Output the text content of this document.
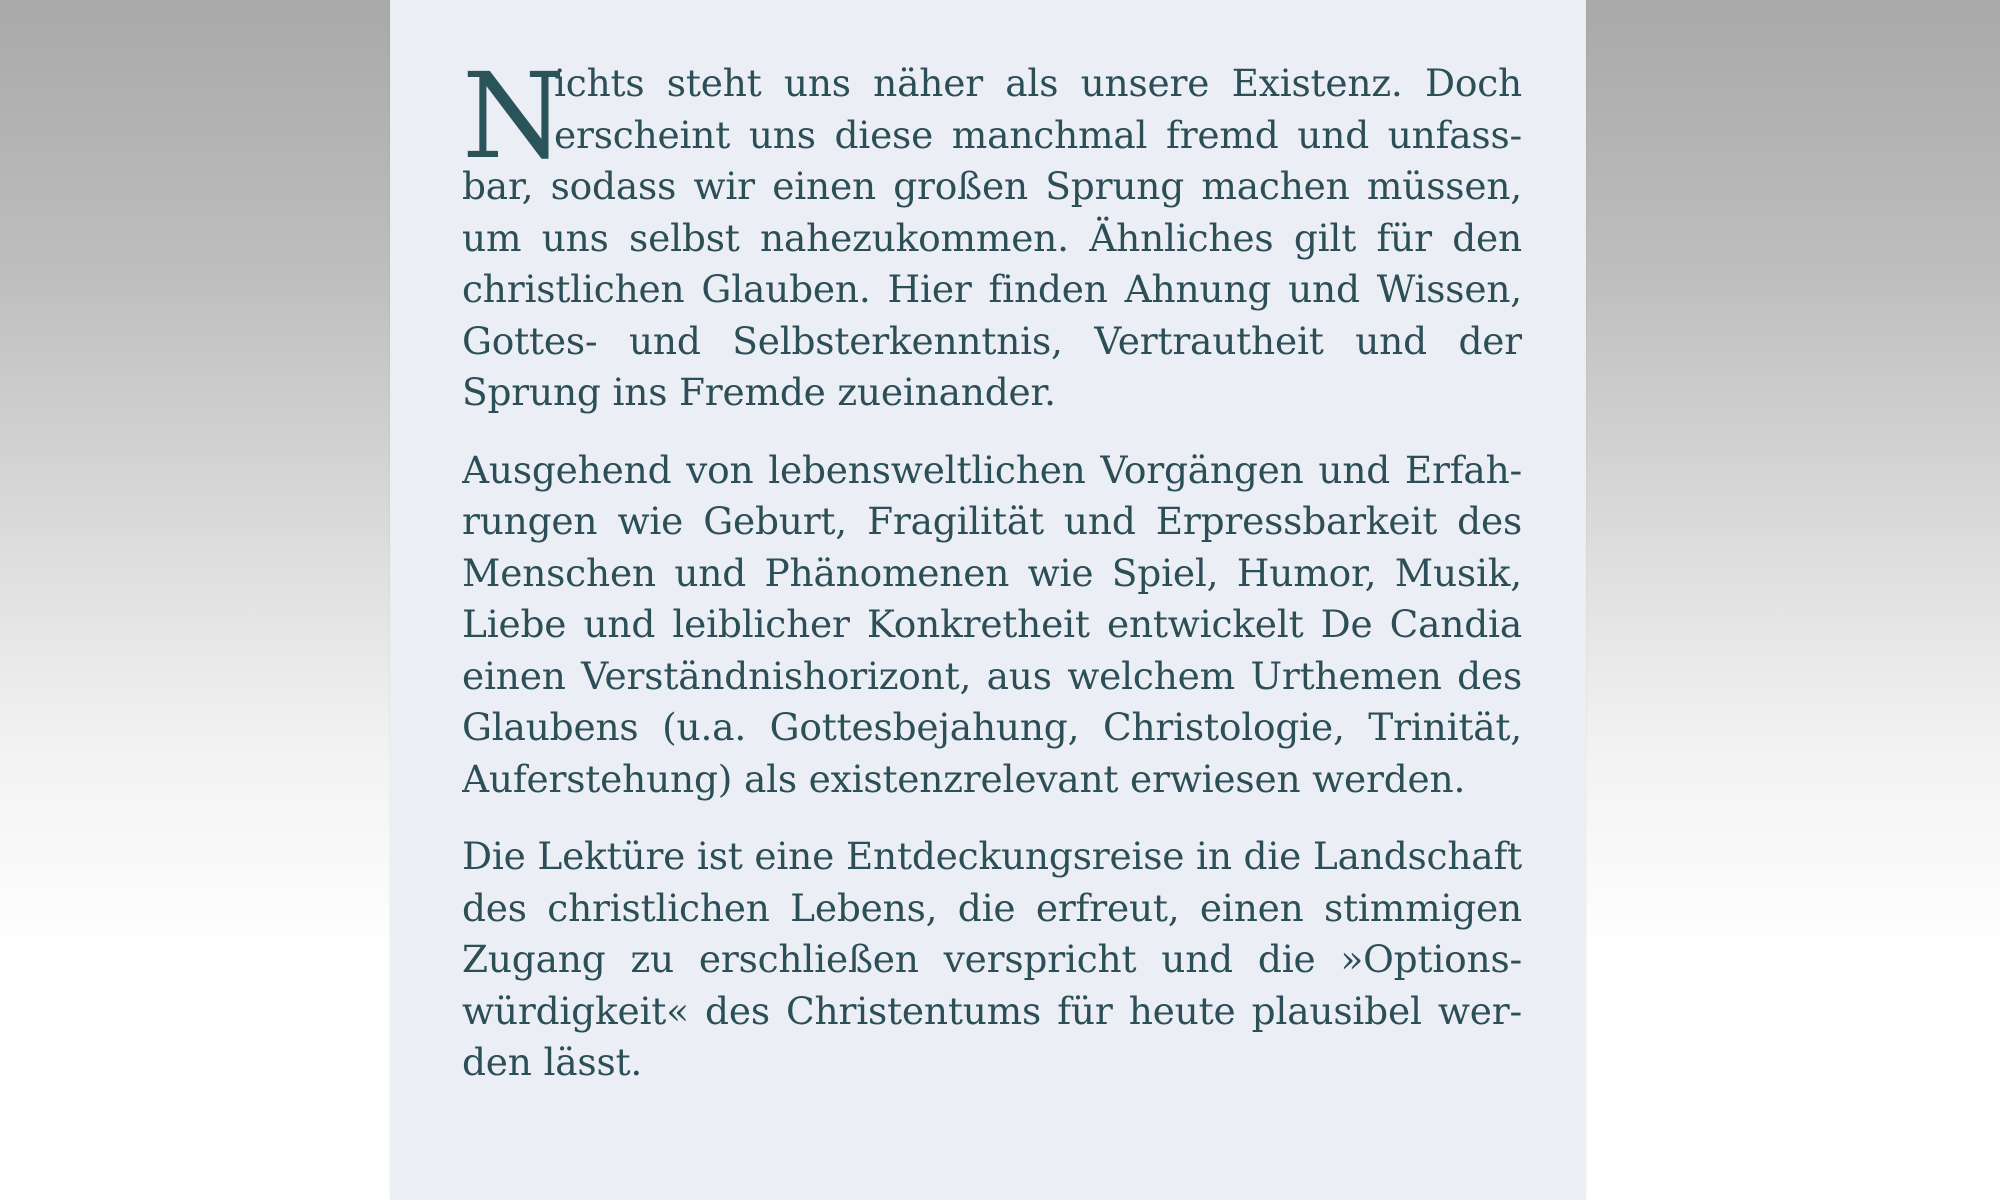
N
ichts steht uns näher als unsere Existenz. Doch
erscheint uns diese manchmal fremd und unfass-
bar, sodass wir einen großen Sprung machen müssen,
um uns selbst nahezukommen. Ähnliches gilt für den
christlichen Glauben. Hier finden Ahnung und Wissen,
Gottes- und Selbsterkenntnis, Vertrautheit und der
Sprung ins Fremde zueinander.
Ausgehend von lebensweltlichen Vorgängen und Erfah-
rungen wie Geburt, Fragilität und Erpressbarkeit des
Menschen und Phänomenen wie Spiel, Humor, Musik,
Liebe und leiblicher Konkretheit entwickelt De Candia
einen Verständnishorizont, aus welchem Urthemen des
Glaubens (u.a. Gottesbejahung, Christologie, Trinität,
Auferstehung) als existenzrelevant erwiesen werden.
Die Lektüre ist eine Entdeckungsreise in die Landschaft
des christlichen Lebens, die erfreut, einen stimmigen
Zugang zu erschließen verspricht und die »Options-
würdigkeit« des Christentums für heute plausibel wer-
den lässt.
